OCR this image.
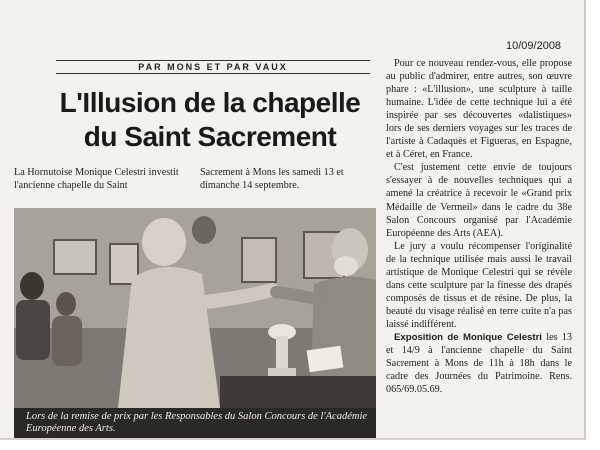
10/09/2008
PAR MONS ET PAR VAUX
L'Illusion de la chapelle
du Saint Sacrement
La Hornutoise Monique Celestri investit l'ancienne chapelle du Saint
Sacrement à Mons les samedi 13 et dimanche 14 septembre.
Lors de la remise de prix par les Responsables du Salon Concours de l'Académie Européenne des Arts.

Pour ce nouveau rendez-vous, elle propose au public d'admirer, entre autres, son œuvre phare : «L'illusion», une sculpture à taille humaine. L'idée de cette technique lui a été inspirée par ses découvertes «dalistiques» lors de ses derniers voyages sur les traces de l'artiste à Cadaquès et Figueras, en Espagne, et à Céret, en France.

C'est justement cette envie de toujours s'essayer à de nouvelles techniques qui a amené la créatrice à recevoir le «Grand prix Médaille de Vermeil» dans le cadre du 38e Salon Concours organisé par l'Académie Européenne des Arts (AEA).

Le jury a voulu récompenser l'originalité de la technique utilisée mais aussi le travail artistique de Monique Celestri qui se révèle dans cette sculpture par la finesse des drapés composés de tissus et de résine. De plus, la beauté du visage réalisé en terre cuite n'a pas laissé indifférent.

Exposition de Monique Celestri les 13 et 14/9 à l'ancienne chapelle du Saint Sacrement à Mons de 11h à 18h dans le cadre des Journées du Patrimoine. Rens. 065/69.05.69.
